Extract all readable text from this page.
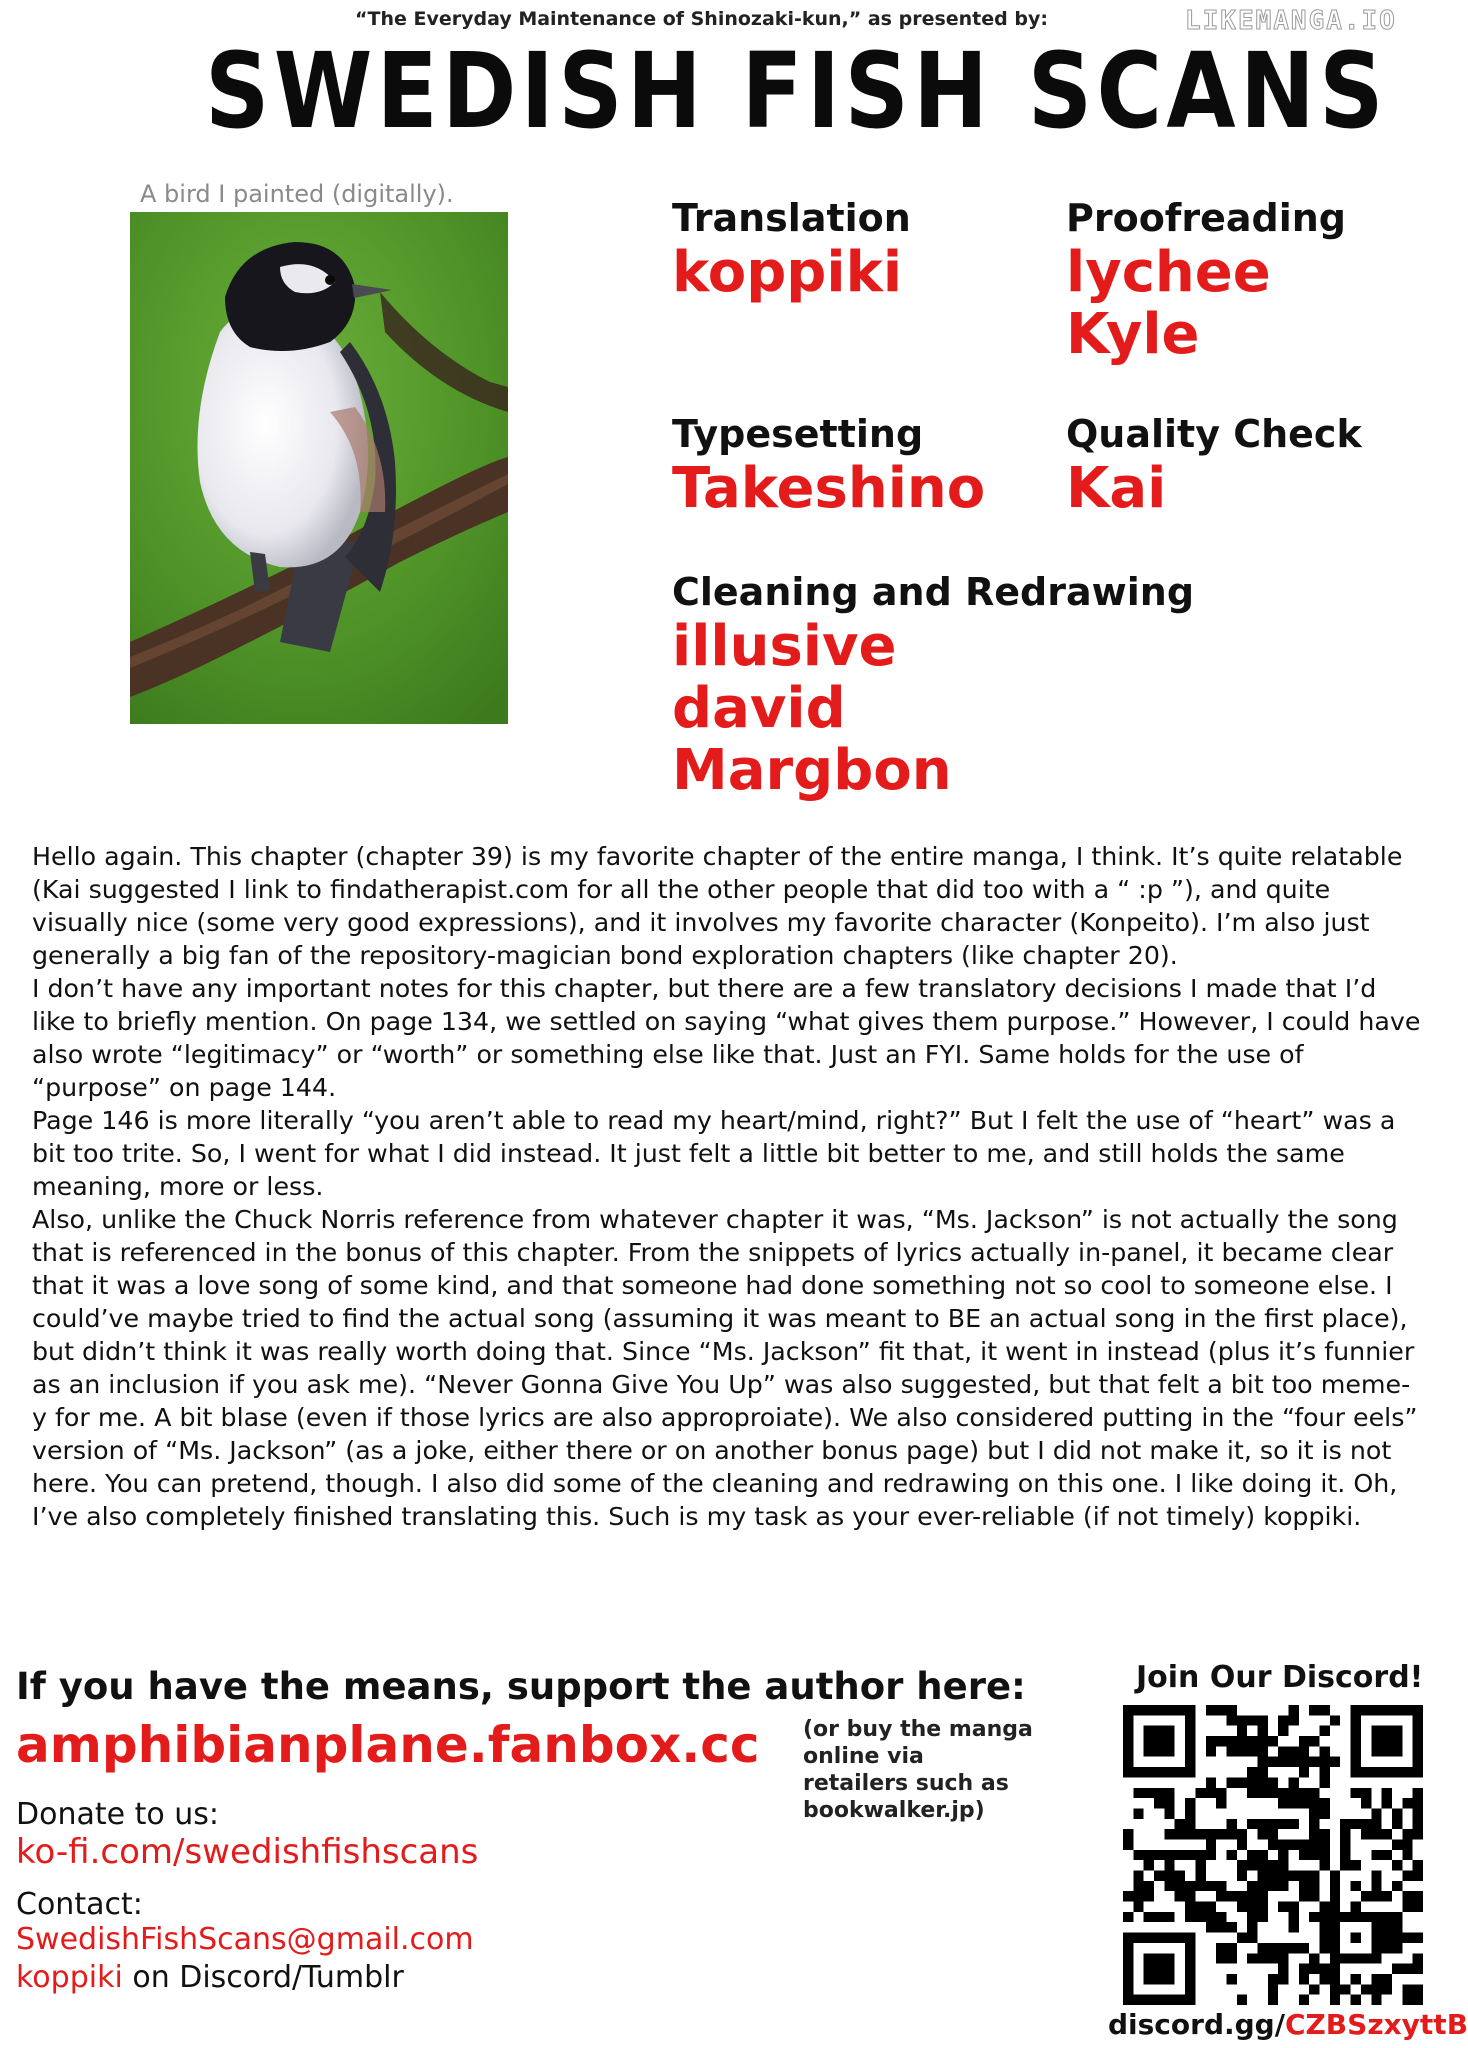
“The Everyday Maintenance of Shinozaki-kun,” as presented by:	LIKEMANGA.IO
SWEDISH FISH SCANS
A bird I painted (digitally).
Translation
koppiki
Proofreading
lychee
Kyle
Typesetting
Takeshino
Quality Check
Kai
Cleaning and Redrawing
illusive
david
Margbon

Hello again. This chapter (chapter 39) is my favorite chapter of the entire manga, I think. It’s quite relatable (Kai suggested I link to findatherapist.com for all the other people that did too with a “ :p ”), and quite visually nice (some very good expressions), and it involves my favorite character (Konpeito). I’m also just generally a big fan of the repository-magician bond exploration chapters (like chapter 20).

I don’t have any important notes for this chapter, but there are a few translatory decisions I made that I’d like to briefly mention. On page 134, we settled on saying “what gives them purpose.” However, I could have also wrote “legitimacy” or “worth” or something else like that. Just an FYI. Same holds for the use of “purpose” on page 144.

Page 146 is more literally “you aren’t able to read my heart/mind, right?” But I felt the use of “heart” was a bit too trite. So, I went for what I did instead. It just felt a little bit better to me, and still holds the same meaning, more or less.

Also, unlike the Chuck Norris reference from whatever chapter it was, “Ms. Jackson” is not actually the song that is referenced in the bonus of this chapter. From the snippets of lyrics actually in-panel, it became clear that it was a love song of some kind, and that someone had done something not so cool to someone else. I could’ve maybe tried to find the actual song (assuming it was meant to BE an actual song in the first place), but didn’t think it was really worth doing that. Since “Ms. Jackson” fit that, it went in instead (plus it’s funnier as an inclusion if you ask me). “Never Gonna Give You Up” was also suggested, but that felt a bit too meme-y for me. A bit blase (even if those lyrics are also approproiate). We also considered putting in the “four eels” version of “Ms. Jackson” (as a joke, either there or on another bonus page) but I did not make it, so it is not here. You can pretend, though. I also did some of the cleaning and redrawing on this one. I like doing it. Oh, I’ve also completely finished translating this. Such is my task as your ever-reliable (if not timely) koppiki.

If you have the means, support the author here:
amphibianplane.fanbox.cc (or buy the manga online via retailers such as bookwalker.jp)
Donate to us:
ko-fi.com/swedishfishscans
Contact:
SwedishFishScans@gmail.com
koppiki on Discord/Tumblr
Join Our Discord!
discord.gg/CZBSzxyttB
